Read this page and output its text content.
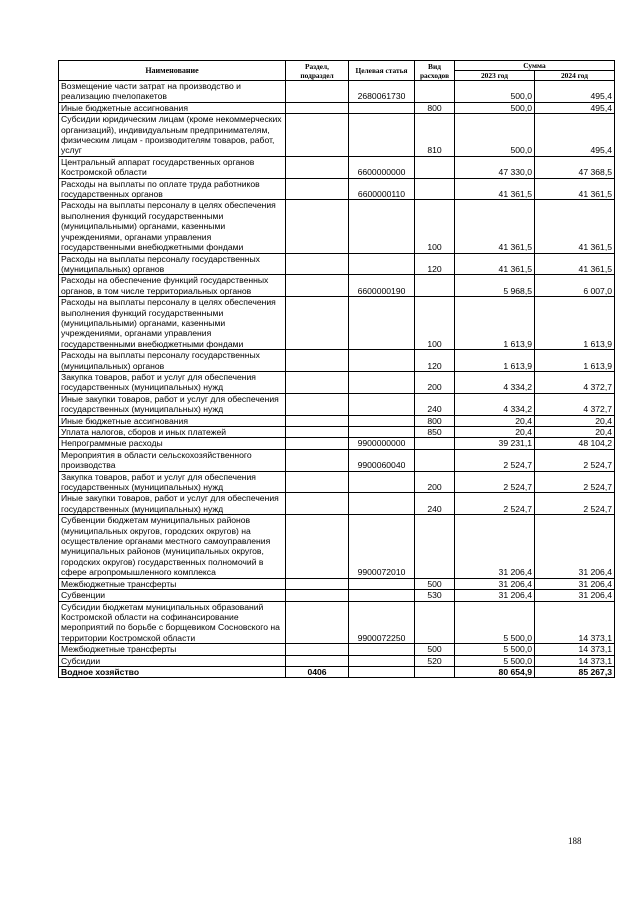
Наименование	Раздел, подраздел	Целевая статья	Вид расходов	Сумма	
				2023 год	2024 год
Возмещение части затрат на производство и реализацию пчелопакетов		2680061730		500,0	495,4
Иные бюджетные ассигнования			800	500,0	495,4
Субсидии юридическим лицам (кроме некоммерческих организаций), индивидуальным предпринимателям, физическим лицам - производителям товаров, работ, услуг			810	500,0	495,4
Центральный аппарат государственных органов Костромской области		6600000000		47 330,0	47 368,5
Расходы на выплаты по оплате труда работников государственных органов		6600000110		41 361,5	41 361,5
Расходы на выплаты персоналу в целях обеспечения выполнения функций государственными (муниципальными) органами, казенными учреждениями, органами управления государственными внебюджетными фондами			100	41 361,5	41 361,5
Расходы на выплаты персоналу государственных (муниципальных) органов			120	41 361,5	41 361,5
Расходы на обеспечение функций государственных органов, в том числе территориальных органов		6600000190		5 968,5	6 007,0
Расходы на выплаты персоналу в целях обеспечения выполнения функций государственными (муниципальными) органами, казенными учреждениями, органами управления государственными внебюджетными фондами			100	1 613,9	1 613,9
Расходы на выплаты персоналу государственных (муниципальных) органов			120	1 613,9	1 613,9
Закупка товаров, работ и услуг для обеспечения государственных (муниципальных) нужд			200	4 334,2	4 372,7
Иные закупки товаров, работ и услуг для обеспечения государственных (муниципальных) нужд			240	4 334,2	4 372,7
Иные бюджетные ассигнования			800	20,4	20,4
Уплата налогов, сборов и иных платежей			850	20,4	20,4
Непрограммные расходы		9900000000		39 231,1	48 104,2
Мероприятия в области сельскохозяйственного производства		9900060040		2 524,7	2 524,7
Закупка товаров, работ и услуг для обеспечения государственных (муниципальных) нужд			200	2 524,7	2 524,7
Иные закупки товаров, работ и услуг для обеспечения государственных (муниципальных) нужд			240	2 524,7	2 524,7
Субвенции бюджетам муниципальных районов (муниципальных округов, городских округов) на осуществление органами местного самоуправления муниципальных районов (муниципальных округов, городских округов) государственных полномочий в сфере агропромышленного комплекса		9900072010		31 206,4	31 206,4
Межбюджетные трансферты			500	31 206,4	31 206,4
Субвенции			530	31 206,4	31 206,4
Субсидии бюджетам муниципальных образований Костромской области на софинансирование мероприятий по борьбе с борщевиком Сосновского на территории Костромской области		9900072250		5 500,0	14 373,1
Межбюджетные трансферты			500	5 500,0	14 373,1
Субсидии			520	5 500,0	14 373,1
Водное хозяйство	0406			80 654,9	85 267,3
188
